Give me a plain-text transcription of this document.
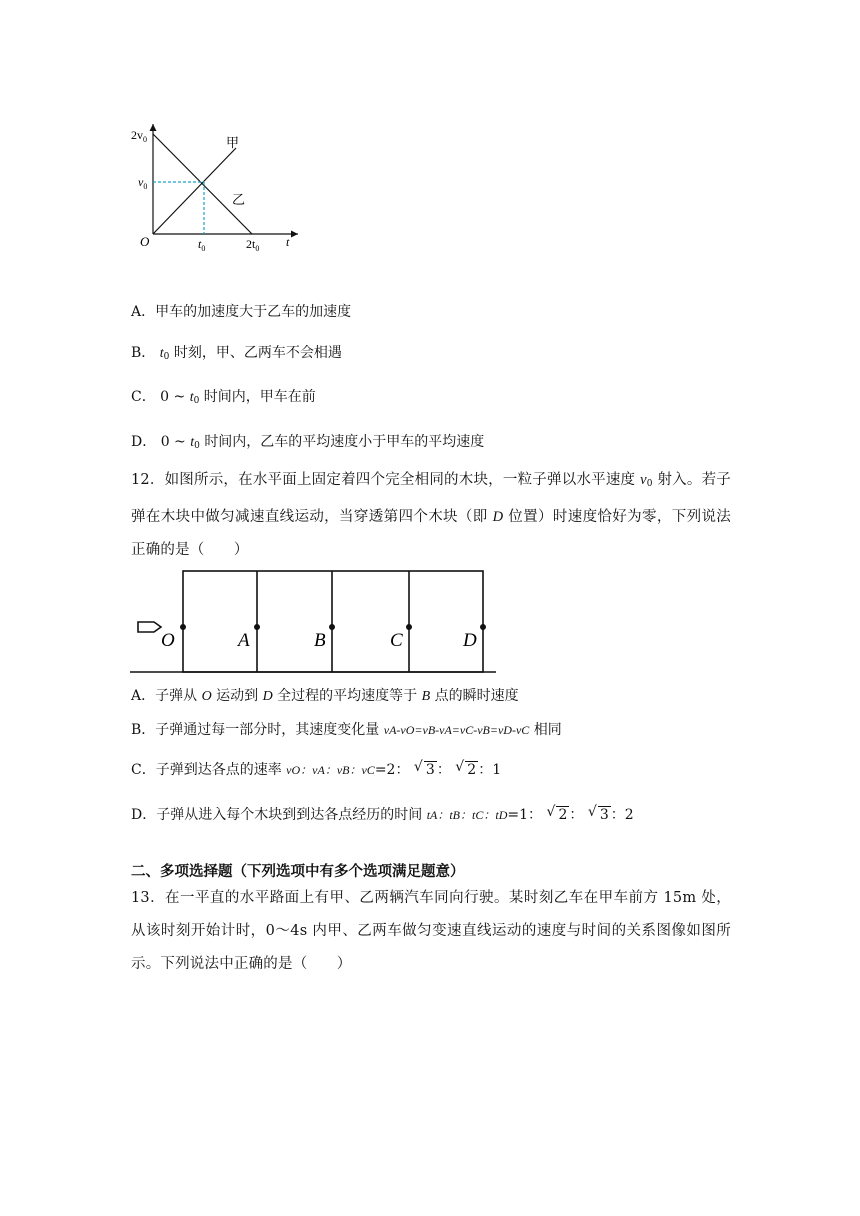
$2v_0$
$v_0$
O	$t_0$	$2t_0$ t
甲
乙
A．甲车的加速度大于乙车的加速度
B． $t_0$ 时刻，甲、乙两车不会相遇
C． 0 ~ $t_0$ 时间内，甲车在前
D． 0 ~ $t_0$ 时间内，乙车的平均速度小于甲车的平均速度
12．如图所示，在水平面上固定着四个完全相同的木块，一粒子弹以水平速度 $v_0$ 射入。若子弹在木块中做匀减速直线运动，当穿透第四个木块（即 D 位置）时速度恰好为零，下列说法正确的是（　　）
O	A	B	C	D
A．子弹从 O 运动到 D 全过程的平均速度等于 B 点的瞬时速度
B．子弹通过每一部分时，其速度变化量 vA-vO=vB-vA=vC-vB=vD-vC 相同
C．子弹到达各点的速率 vO：vA：vB：vC=2： √ 3 ： √ 2 ：1
D．子弹从进入每个木块到到达各点经历的时间 tA：tB：tC：tD=1： √ 2 ： √ 3 ：2
二、多项选择题（下列选项中有多个选项满足题意）
13．在一平直的水平路面上有甲、乙两辆汽车同向行驶。某时刻乙车在甲车前方 15m 处，从该时刻开始计时，0～4s 内甲、乙两车做匀变速直线运动的速度与时间的关系图像如图所示。下列说法中正确的是（　　）
